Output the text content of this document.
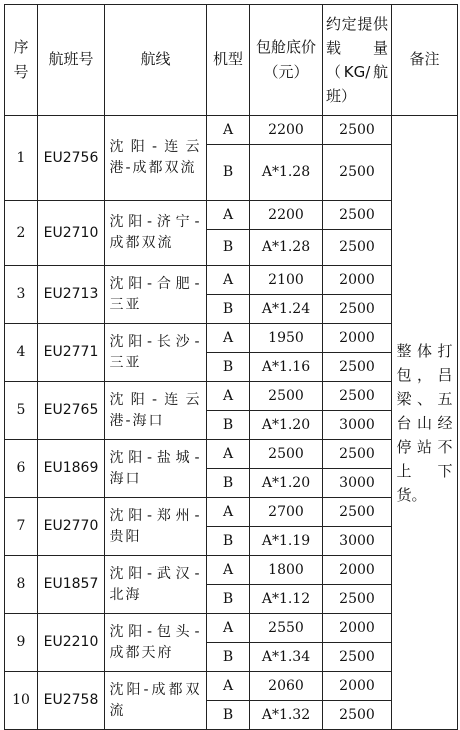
序号	航班号	航线	机型	包舱底价（元）	约定提供载量（KG/航班）	备注
1	EU2756	沈阳-连云港-成都双流	A	2200	2500	整体打包，吕梁、五台山经停站不上下货。
			B	A*1.28	2500	
2	EU2710	沈阳-济宁-成都双流	A	2200	2500	
			B	A*1.28	2500	
3	EU2713	沈阳-合肥-三亚	A	2100	2000	
			B	A*1.24	2500	
4	EU2771	沈阳-长沙-三亚	A	1950	2000	
			B	A*1.16	2500	
5	EU2765	沈阳-连云港-海口	A	2500	2500	
			B	A*1.20	3000	
6	EU1869	沈阳-盐城-海口	A	2500	2500	
			B	A*1.20	3000	
7	EU2770	沈阳-郑州-贵阳	A	2700	2500	
			B	A*1.19	3000	
8	EU1857	沈阳-武汉-北海	A	1800	2000	
			B	A*1.12	2500	
9	EU2210	沈阳-包头-成都天府	A	2550	2000	
			B	A*1.34	2500	
10	EU2758	沈阳-成都双流	A	2060	2000	
			B	A*1.32	2500	
